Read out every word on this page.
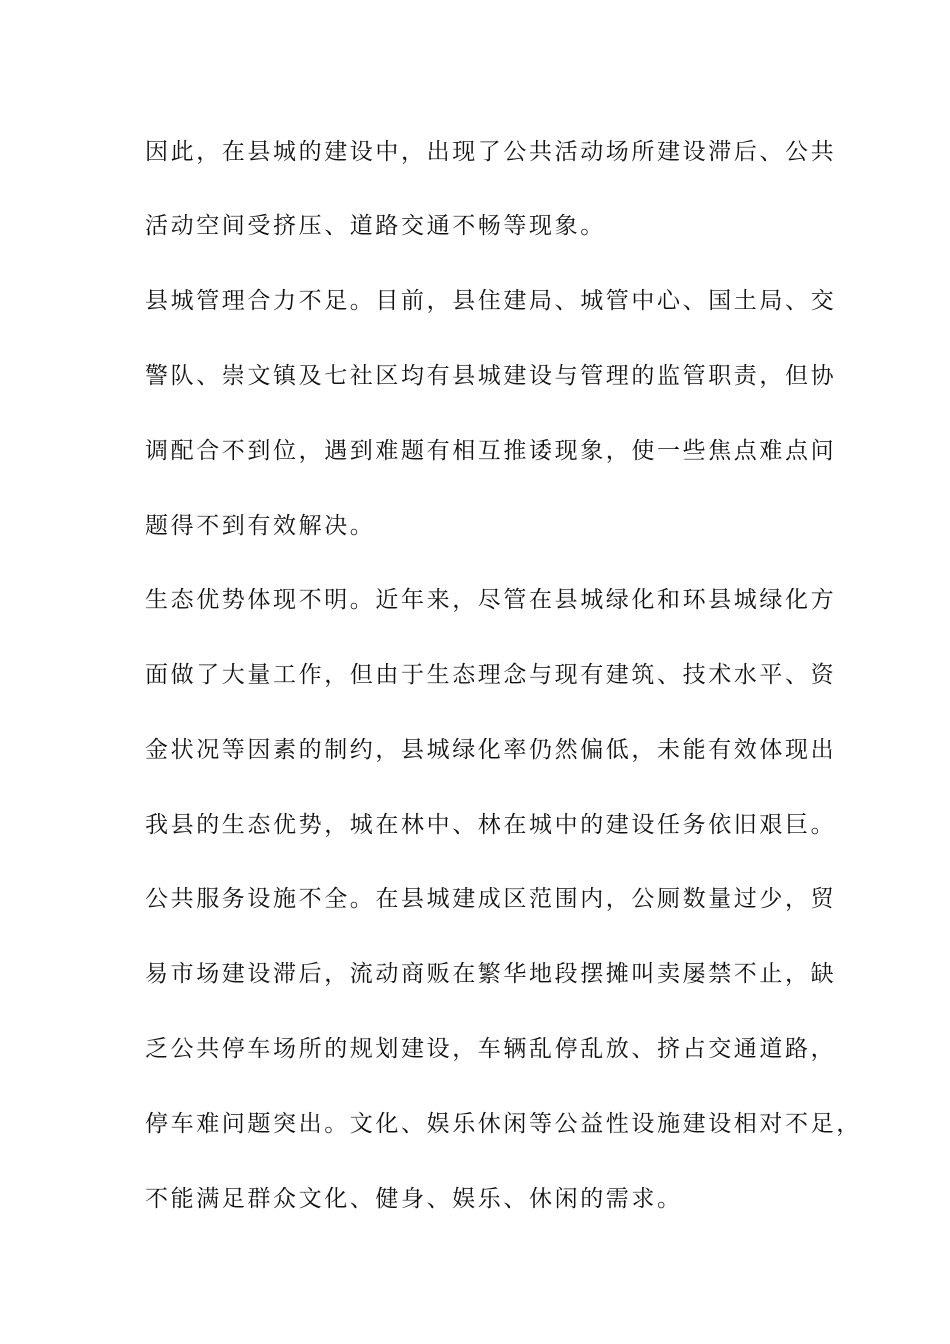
因此，在县城的建设中，出现了公共活动场所建设滞后、公共
活动空间受挤压、道路交通不畅等现象。
县城管理合力不足。目前，县住建局、城管中心、国土局、交
警队、崇文镇及七社区均有县城建设与管理的监管职责，但协
调配合不到位，遇到难题有相互推诿现象，使一些焦点难点问
题得不到有效解决。
生态优势体现不明。近年来，尽管在县城绿化和环县城绿化方
面做了大量工作，但由于生态理念与现有建筑、技术水平、资
金状况等因素的制约，县城绿化率仍然偏低，未能有效体现出
我县的生态优势，城在林中、林在城中的建设任务依旧艰巨。
公共服务设施不全。在县城建成区范围内，公厕数量过少，贸
易市场建设滞后，流动商贩在繁华地段摆摊叫卖屡禁不止，缺
乏公共停车场所的规划建设，车辆乱停乱放、挤占交通道路，
停车难问题突出。文化、娱乐休闲等公益性设施建设相对不足，
不能满足群众文化、健身、娱乐、休闲的需求。
